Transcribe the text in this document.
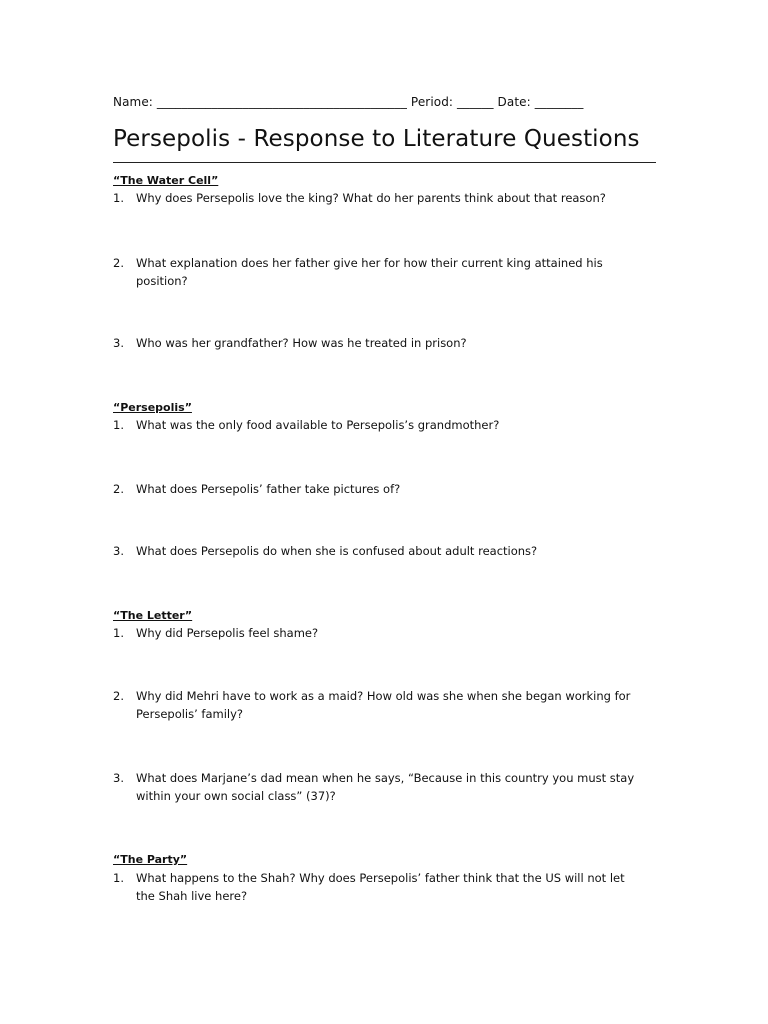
Name: _________________________________________ Period: ______ Date: ________
Persepolis - Response to Literature Questions
“The Water Cell”
1. Why does Persepolis love the king? What do her parents think about that reason?
2. What explanation does her father give her for how their current king attained his position?
3. Who was her grandfather? How was he treated in prison?
“Persepolis”
1. What was the only food available to Persepolis’s grandmother?
2. What does Persepolis’ father take pictures of?
3. What does Persepolis do when she is confused about adult reactions?
“The Letter”
1. Why did Persepolis feel shame?
2. Why did Mehri have to work as a maid? How old was she when she began working for Persepolis’ family?
3. What does Marjane’s dad mean when he says, “Because in this country you must stay within your own social class” (37)?
“The Party”
1. What happens to the Shah? Why does Persepolis’ father think that the US will not let the Shah live here?
